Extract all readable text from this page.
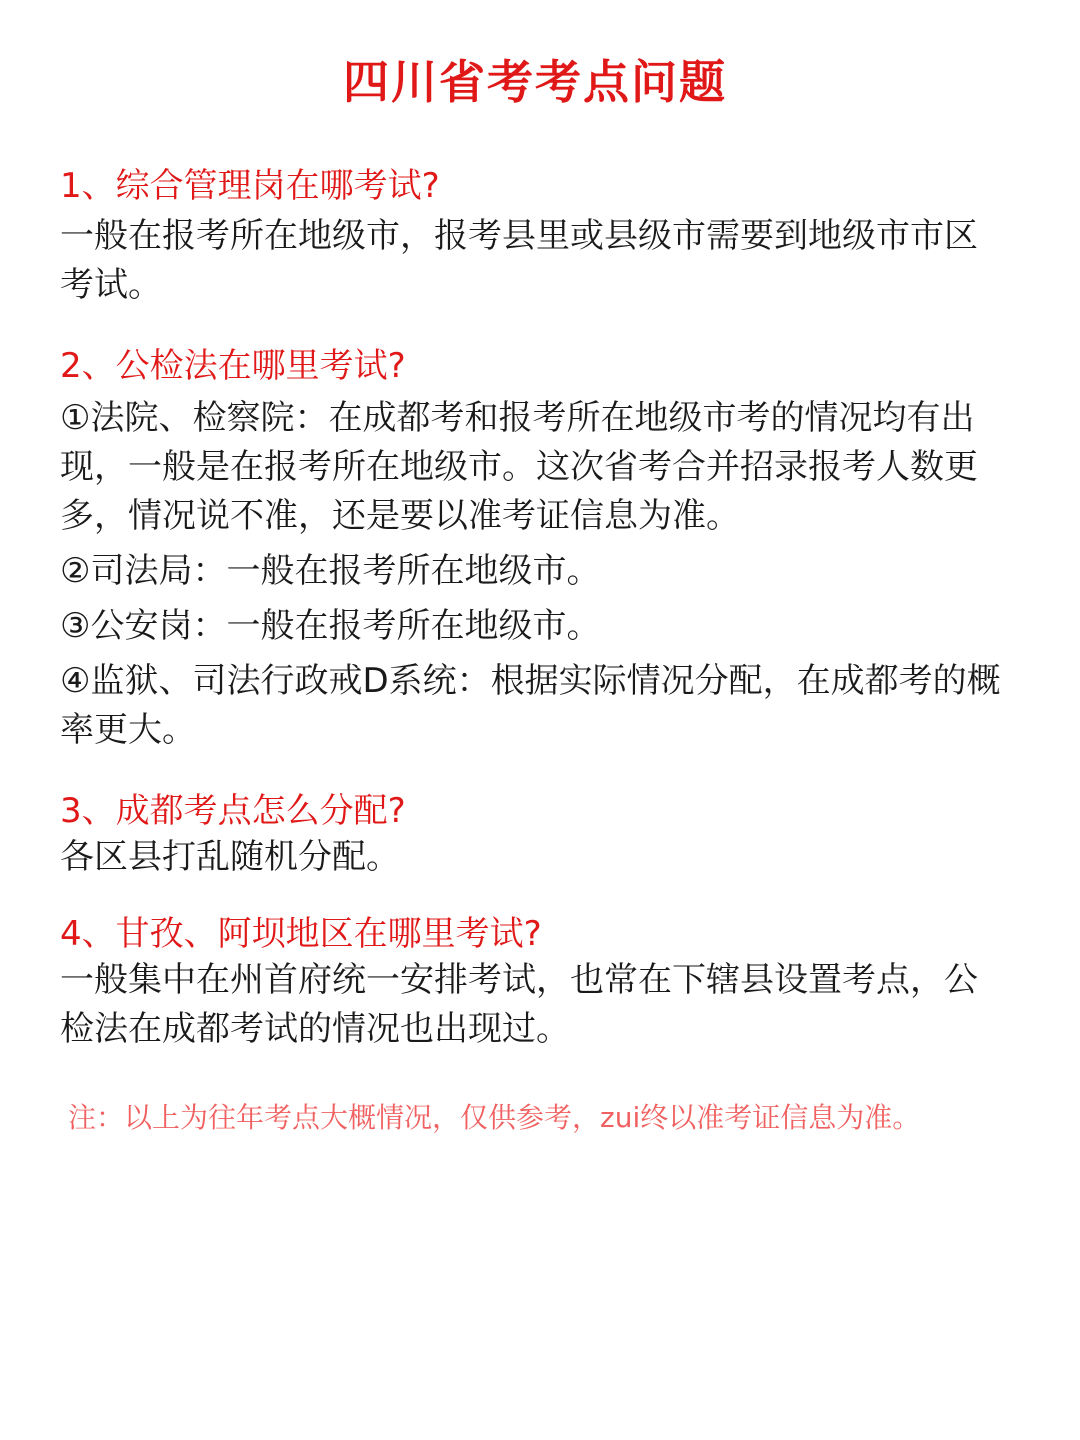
四川省考考点问题

1、综合管理岗在哪考试?

一般在报考所在地级市，报考县里或县级市需要到地级市市区考试。

2、公检法在哪里考试?

①法院、检察院：在成都考和报考所在地级市考的情况均有出现，一般是在报考所在地级市。这次省考合并招录报考人数更多，情况说不准，还是要以准考证信息为准。

②司法局：一般在报考所在地级市。

③公安岗：一般在报考所在地级市。

④监狱、司法行政戒D系统：根据实际情况分配，在成都考的概率更大。

3、成都考点怎么分配?

各区县打乱随机分配。

4、甘孜、阿坝地区在哪里考试?

一般集中在州首府统一安排考试，也常在下辖县设置考点，公检法在成都考试的情况也出现过。

注：以上为往年考点大概情况，仅供参考，zui终以准考证信息为准。
